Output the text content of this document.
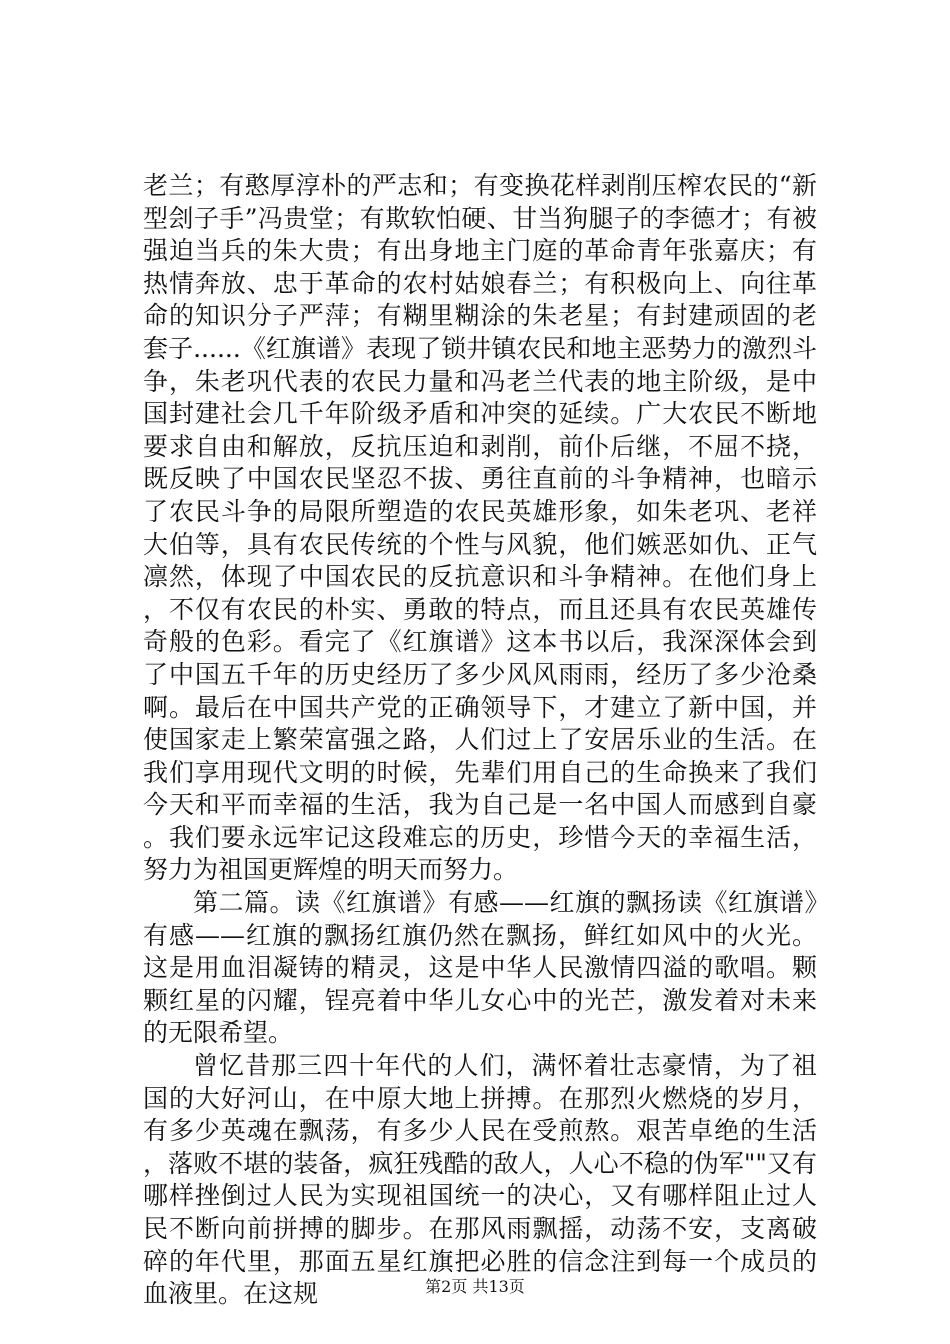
老兰；有憨厚淳朴的严志和；有变换花样剥削压榨农民的“新型刽子手”冯贵堂；有欺软怕硬、甘当狗腿子的李德才；有被强迫当兵的朱大贵；有出身地主门庭的革命青年张嘉庆；有热情奔放、忠于革命的农村姑娘春兰；有积极向上、向往革命的知识分子严萍；有糊里糊涂的朱老星；有封建顽固的老套子......《红旗谱》表现了锁井镇农民和地主恶势力的激烈斗争，朱老巩代表的农民力量和冯老兰代表的地主阶级，是中国封建社会几千年阶级矛盾和冲突的延续。广大农民不断地要求自由和解放，反抗压迫和剥削，前仆后继，不屈不挠，既反映了中国农民坚忍不拔、勇往直前的斗争精神，也暗示了农民斗争的局限所塑造的农民英雄形象，如朱老巩、老祥大伯等，具有农民传统的个性与风貌，他们嫉恶如仇、正气凛然，体现了中国农民的反抗意识和斗争精神。在他们身上，不仅有农民的朴实、勇敢的特点，而且还具有农民英雄传奇般的色彩。看完了《红旗谱》这本书以后，我深深体会到了中国五千年的历史经历了多少风风雨雨，经历了多少沧桑啊。最后在中国共产党的正确领导下，才建立了新中国，并使国家走上繁荣富强之路，人们过上了安居乐业的生活。在我们享用现代文明的时候，先辈们用自己的生命换来了我们今天和平而幸福的生活，我为自己是一名中国人而感到自豪。我们要永远牢记这段难忘的历史，珍惜今天的幸福生活，努力为祖国更辉煌的明天而努力。

第二篇。读《红旗谱》有感——红旗的飘扬读《红旗谱》有感——红旗的飘扬红旗仍然在飘扬，鲜红如风中的火光。这是用血泪凝铸的精灵，这是中华人民激情四溢的歌唱。颗颗红星的闪耀，锃亮着中华儿女心中的光芒，激发着对未来的无限希望。

曾忆昔那三四十年代的人们，满怀着壮志豪情，为了祖国的大好河山，在中原大地上拼搏。在那烈火燃烧的岁月，有多少英魂在飘荡，有多少人民在受煎熬。艰苦卓绝的生活，落败不堪的装备，疯狂残酷的敌人，人心不稳的伪军""又有哪样挫倒过人民为实现祖国统一的决心，又有哪样阻止过人民不断向前拼搏的脚步。在那风雨飘摇，动荡不安，支离破碎的年代里，那面五星红旗把必胜的信念注到每一个成员的血液里。在这规	第2页 共13页
